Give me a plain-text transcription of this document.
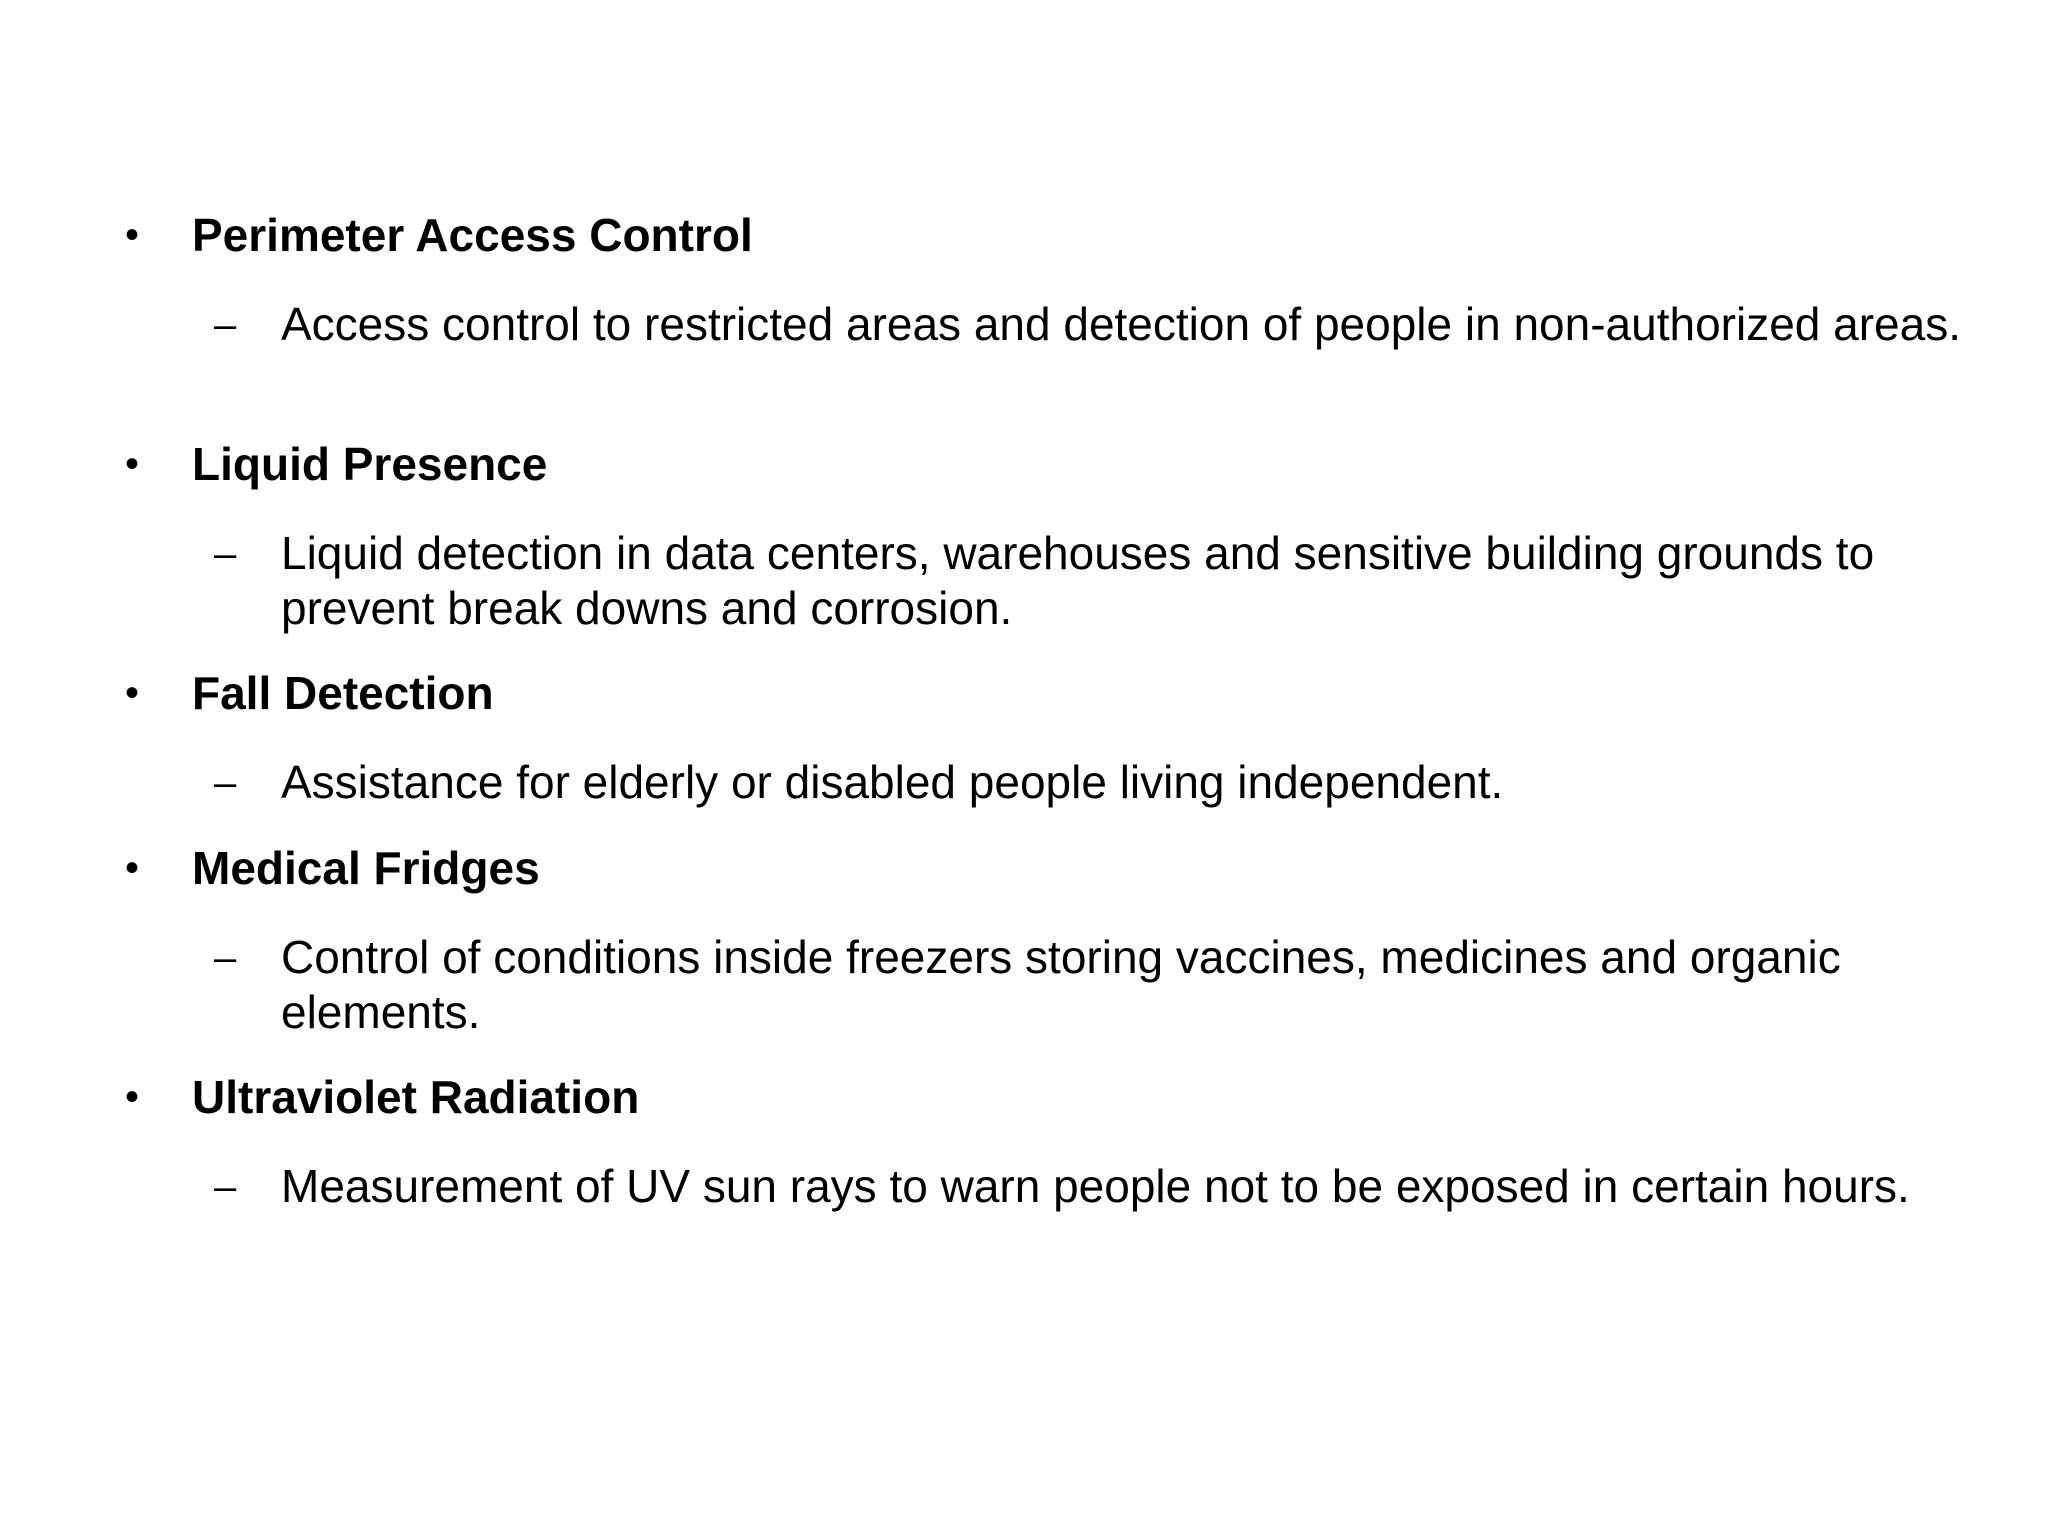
• Perimeter Access Control
– Access control to restricted areas and detection of people in non-authorized areas.
• Liquid Presence
– Liquid detection in data centers, warehouses and sensitive building grounds to prevent break downs and corrosion.
• Fall Detection
– Assistance for elderly or disabled people living independent.
• Medical Fridges
– Control of conditions inside freezers storing vaccines, medicines and organic elements.
• Ultraviolet Radiation
– Measurement of UV sun rays to warn people not to be exposed in certain hours.
